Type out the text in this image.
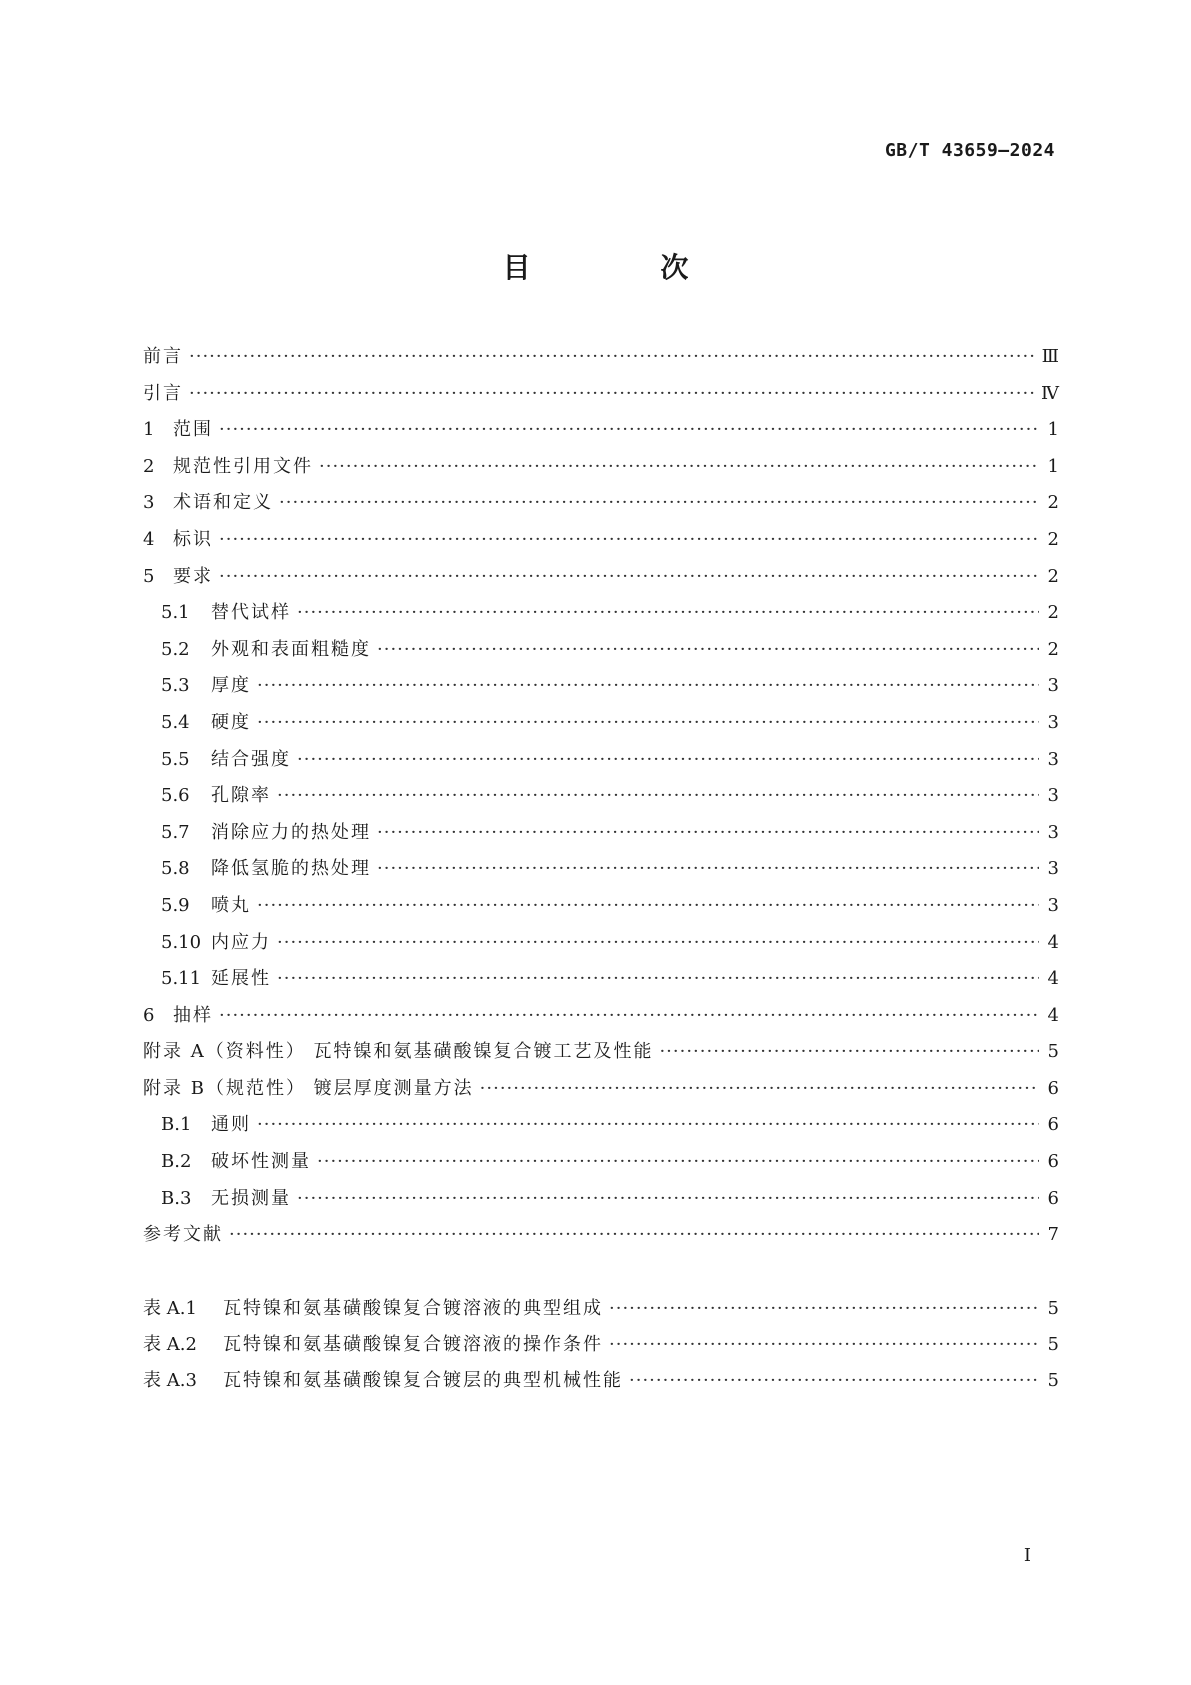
GB/T 43659—2024
目 次
前言 ·····	Ⅲ
引言 ·····	Ⅳ
1	范围 ·····	1
2	规范性引用文件 ·····	1
3	术语和定义 ·····	2
4	标识 ·····	2
5	要求 ·····	2
5.1	替代试样 ·····	2
5.2	外观和表面粗糙度 ·····	2
5.3	厚度 ·····	3
5.4	硬度 ·····	3
5.5	结合强度 ·····	3
5.6	孔隙率 ·····	3
5.7	消除应力的热处理 ·····	3
5.8	降低氢脆的热处理 ·····	3
5.9	喷丸 ·····	3
5.10 内应力 ·····	4
5.11 延展性 ·····	4
6	抽样 ·····	4
附录 A（资料性） 瓦特镍和氨基磺酸镍复合镀工艺及性能 ·····	5
附录 B（规范性） 镀层厚度测量方法 ·····	6
B.1	通则 ·····	6
B.2	破坏性测量 ·····	6
B.3	无损测量 ·····	6
参考文献 ·····	7
表 A.1	瓦特镍和氨基磺酸镍复合镀溶液的典型组成 ·····	5
表 A.2	瓦特镍和氨基磺酸镍复合镀溶液的操作条件 ·····	5
表 A.3	瓦特镍和氨基磺酸镍复合镀层的典型机械性能 ·····	5
I
